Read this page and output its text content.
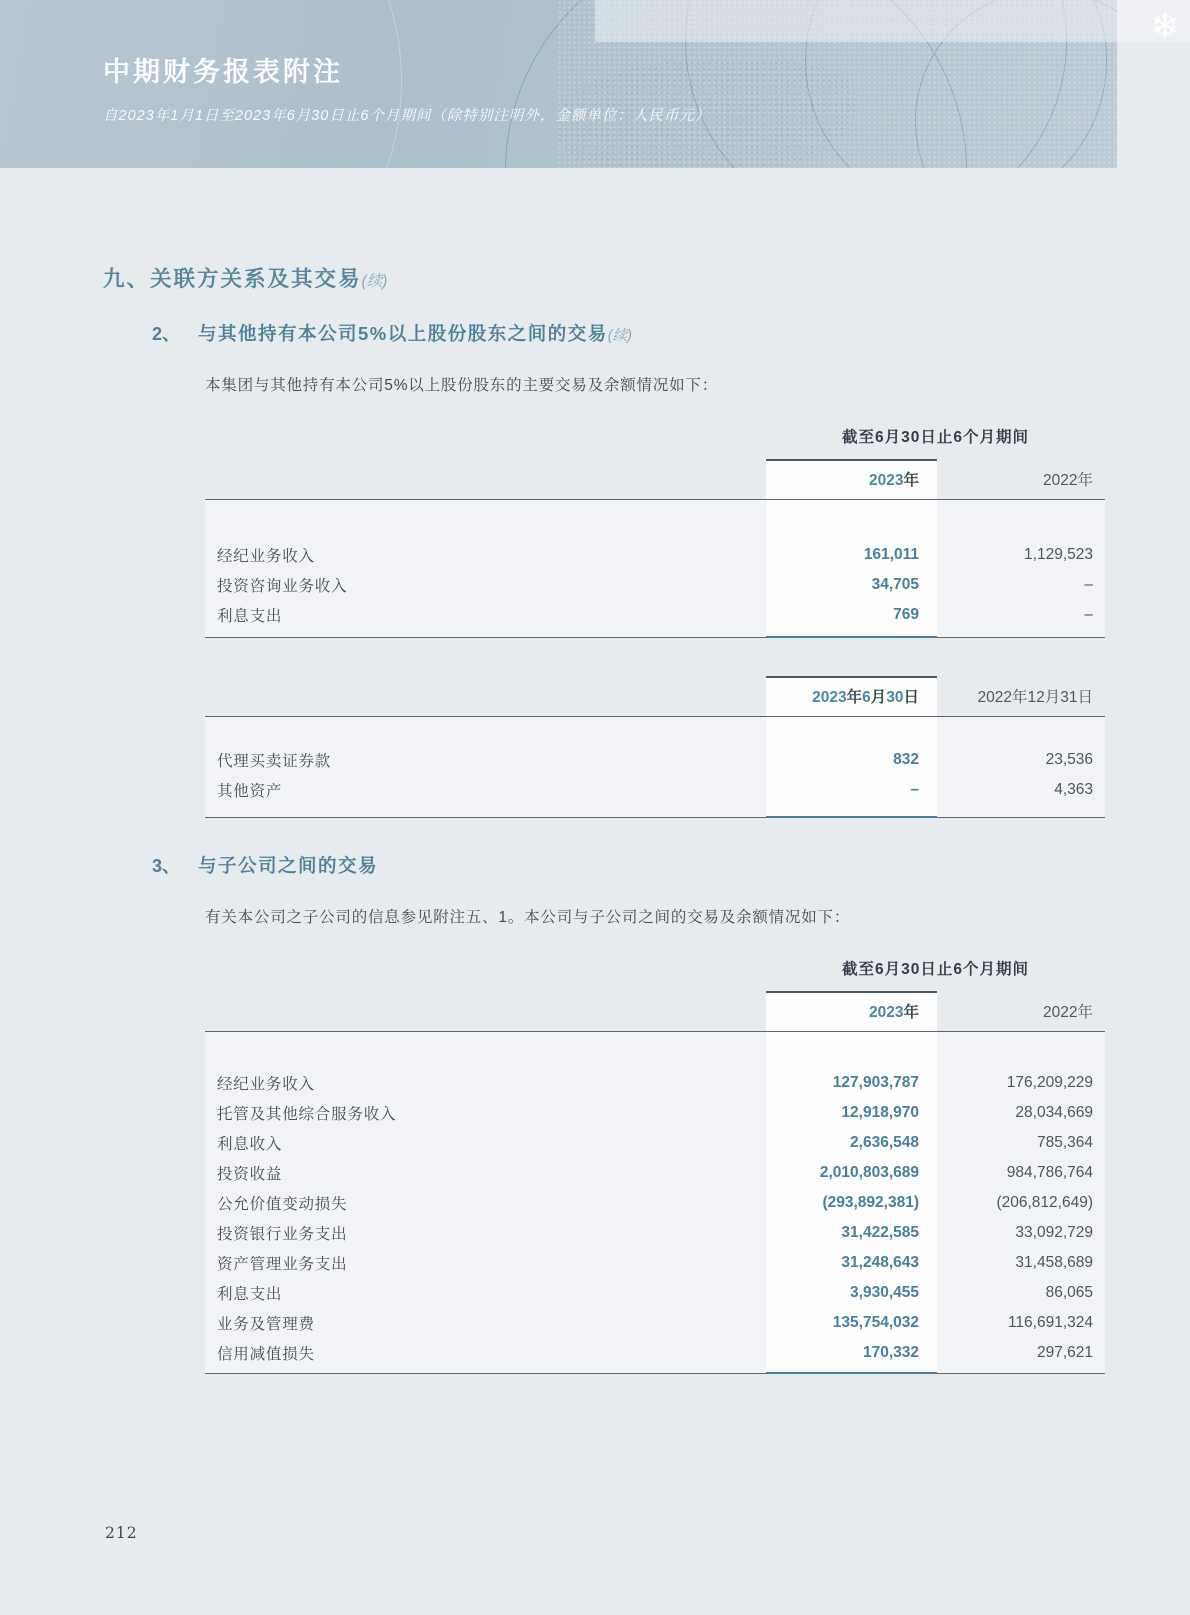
中期财务报表附注
自2023年1月1日至2023年6月30日止6个月期间（除特别注明外，金额单位：人民币元）
❄
九、关联方关系及其交易(续)
2、 与其他持有本公司5%以上股份股东之间的交易(续)
本集团与其他持有本公司5%以上股份股东的主要交易及余额情况如下：
截至6月30日止6个月期间
2023年	2022年
经纪业务收入	161,011	1,129,523
投资咨询业务收入	34,705	–
利息支出	769	–
2023年6月30日	2022年12月31日
代理买卖证券款	832	23,536
其他资产	–	4,363
3、 与子公司之间的交易
有关本公司之子公司的信息参见附注五、1。本公司与子公司之间的交易及余额情况如下：
截至6月30日止6个月期间
2023年	2022年
经纪业务收入	127,903,787	176,209,229
托管及其他综合服务收入	12,918,970	28,034,669
利息收入	2,636,548	785,364
投资收益	2,010,803,689	984,786,764
公允价值变动损失	(293,892,381)	(206,812,649)
投资银行业务支出	31,422,585	33,092,729
资产管理业务支出	31,248,643	31,458,689
利息支出	3,930,455	86,065
业务及管理费	135,754,032	116,691,324
信用减值损失	170,332	297,621
212
